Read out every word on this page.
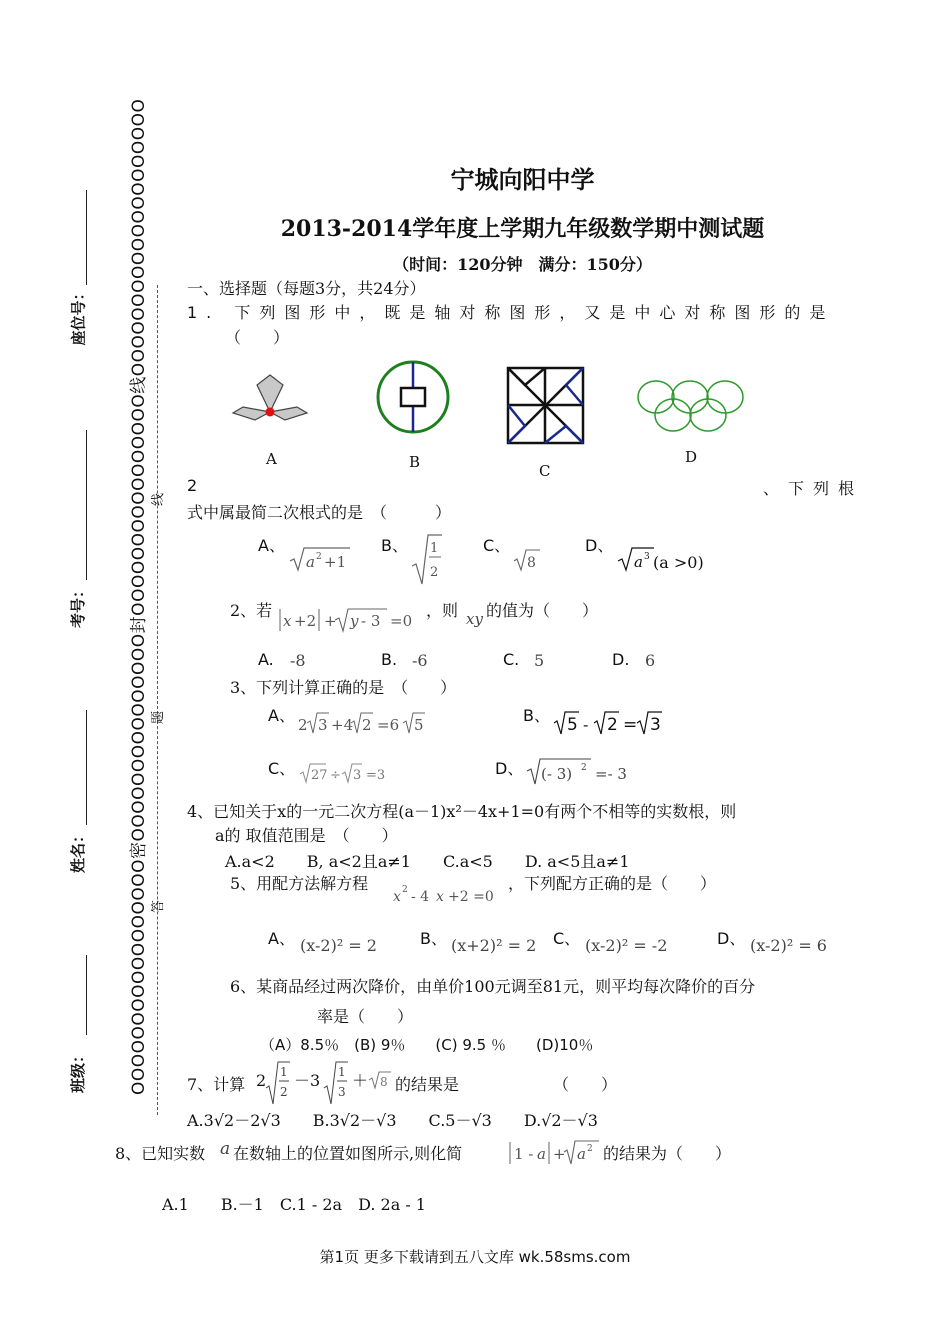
座位号：
考号：
姓名：
班级： OOOOOOOOOOOOOOOOO密OOOOOOOOOOOOOOO封OOOOOOOOOOOOOOOO线OOOOOOOOOOOOOOOOOOOO 线
题
答
宁城向阳中学
2013-2014学年度上学期九年级数学期中测试题
（时间：120分钟　满分：150分）
一、选择题（每题3分，共24分）
1. 下列图形中，既是轴对称图形，又是中心对称图形的是
（　　）
A	B	C
D
2	、下列根
式中属最简二次根式的是　（　　　）
A、
a 2 +1
B、 1
2
C、
8
D、
a 3 (a >0)
2、若
x +2 + y - 3 =0
，则 xy 的值为（　　）
A. -8	B. -6	C. 5	D. 6
3、下列计算正确的是　（　　）
A、 2 3 +4 2 =6 5	B、 5 - 2 = 3
C、 27 ÷ 3 =3	D、 (- 3) 2 =- 3
4、已知关于x的一元二次方程(a－1)x²－4x+1=0有两个不相等的实数根，则
a的 取值范围是　（　　）
A.a<2　　B, a<2且a≠1　　C.a<5　　D. a<5且a≠1
5、用配方法解方程
x 2 - 4 x +2 =0
，下列配方正确的是（　　）
A、 (x-2)² = 2	B、 (x+2)² = 2 C、 (x-2)² = -2	D、 (x-2)² = 6
6、某商品经过两次降价，由单价100元调至81元，则平均每次降价的百分
率是（　　）
（A）8.5％　(B) 9％　　(C) 9.5 ％　　(D)10％
7、计算 2 1
2
－3 1
3
＋ 8 的结果是	（　　）
A.3√2－2√3　　B.3√2－√3　　C.5－√3　　D.√2－√3
8、已知实数 a 在数轴上的位置如图所示,则化简	1 - a + a 2 的结果为（　　）
A.1　　B.－1　C.1 - 2a　D. 2a - 1
第1页 更多下载请到五八文库 wk.58sms.com
